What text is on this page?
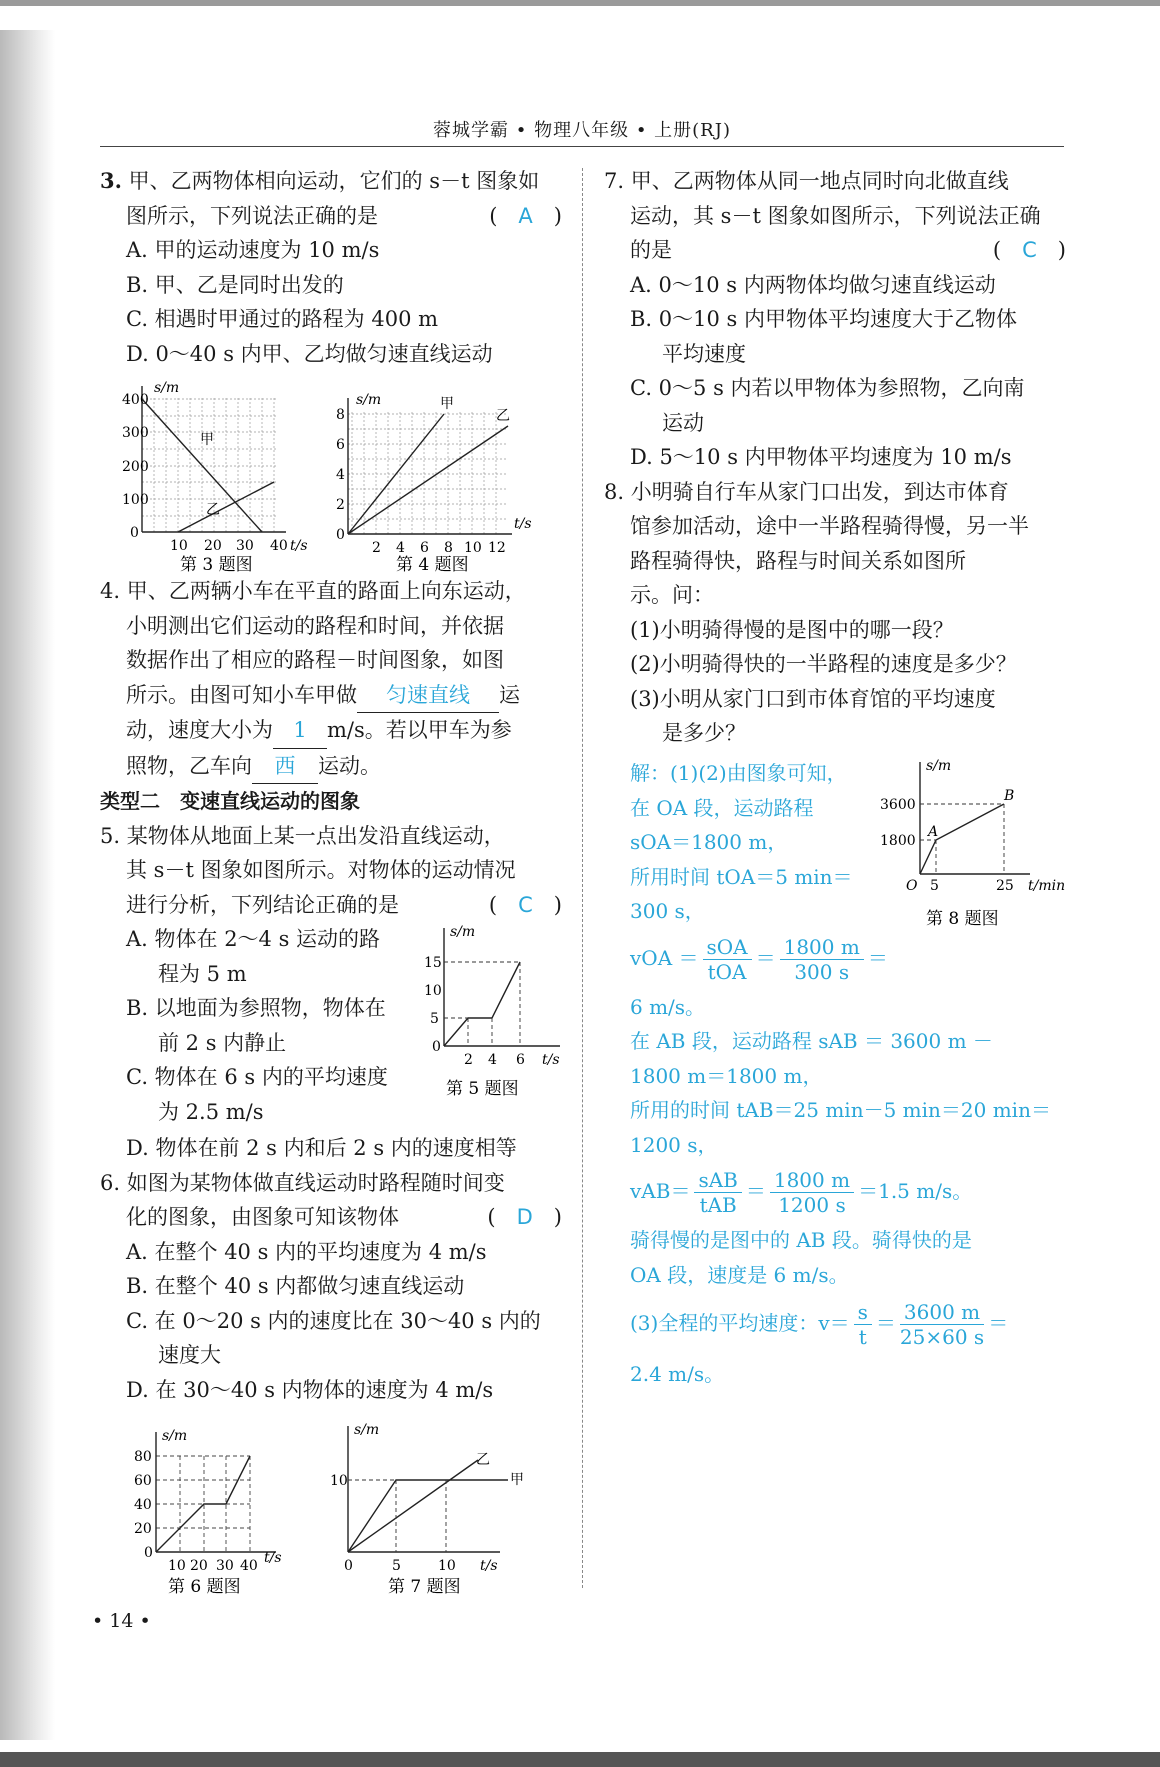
蓉城学霸 • 物理八年级 • 上册(RJ)
3. 甲、乙两物体相向运动，它们的 s－t 图象如
图所示，下列说法正确的是	(　A　)
A. 甲的运动速度为 10 m/s
B. 甲、乙是同时出发的
C. 相遇时甲通过的路程为 400 m
D. 0～40 s 内甲、乙均做匀速直线运动
400
300
200
100
0
s/m
10 20 30 40 t/s
甲
乙
第 3 题图
8
6
4
2
0
s/m
2 4 6 8 10 12
t/s
甲
乙
第 4 题图
4. 甲、乙两辆小车在平直的路面上向东运动，
小明测出它们运动的路程和时间，并依据
数据作出了相应的路程－时间图象，如图
所示。由图可知小车甲做 匀速直线 运
动，速度大小为 1 m/s。若以甲车为参
照物，乙车向 西 运动。
类型二　变速直线运动的图象
5. 某物体从地面上某一点出发沿直线运动，
其 s－t 图象如图所示。对物体的运动情况
进行分析，下列结论正确的是	(　C　)
A. 物体在 2～4 s 运动的路
程为 5 m
B. 以地面为参照物，物体在
前 2 s 内静止
C. 物体在 6 s 内的平均速度
为 2.5 m/s
D. 物体在前 2 s 内和后 2 s 内的速度相等
6. 如图为某物体做直线运动时路程随时间变
化的图象，由图象可知该物体	(　D　)
A. 在整个 40 s 内的平均速度为 4 m/s
B. 在整个 40 s 内都做匀速直线运动
C. 在 0～20 s 内的速度比在 30～40 s 内的
速度大
D. 在 30～40 s 内物体的速度为 4 m/s
s/m
15
10
5
0
2 4 6 t/s
第 5 题图
s/m
80
60
40
20
0
10 20 30 40 t/s
第 6 题图
s/m
10
0	5	10 t/s
甲
乙
第 7 题图
7. 甲、乙两物体从同一地点同时向北做直线
运动，其 s－t 图象如图所示，下列说法正确
的是	(　C　)
A. 0～10 s 内两物体均做匀速直线运动
B. 0～10 s 内甲物体平均速度大于乙物体
平均速度
C. 0～5 s 内若以甲物体为参照物，乙向南
运动
D. 5～10 s 内甲物体平均速度为 10 m/s
8. 小明骑自行车从家门口出发，到达市体育
馆参加活动，途中一半路程骑得慢，另一半
路程骑得快，路程与时间关系如图所
示。问：
(1)小明骑得慢的是图中的哪一段？
(2)小明骑得快的一半路程的速度是多少？
(3)小明从家门口到市体育馆的平均速度
是多少？
解：(1)(2)由图象可知，
在 OA 段，运动路程
sOA＝1800 m，
所用时间 tOA＝5 min＝
300 s，
vOA ＝ $\frac{\text{sOA}}{\text{tOA}} = \frac{1800 m}{300 s}$ ＝
6 m/s。
在 AB 段，运动路程 sAB ＝ 3600 m －
1800 m＝1800 m，
所用的时间 tAB＝25 min－5 min＝20 min＝
1200 s，
$vAB= \frac{\text{sAB}}{\text{tAB}} = \frac{1800 m}{1200 s} =1.5$ m/s。
骑得慢的是图中的 AB 段。骑得快的是
OA 段，速度是 6 m/s。
(3)全程的平均速度：$v= \frac{s}{t} = \frac{3600 m}{25\times 60 s}$ ＝
2.4 m/s。
s/m
3600
1800
O 5	25 t/min
A
B
第 8 题图
• 14 •
